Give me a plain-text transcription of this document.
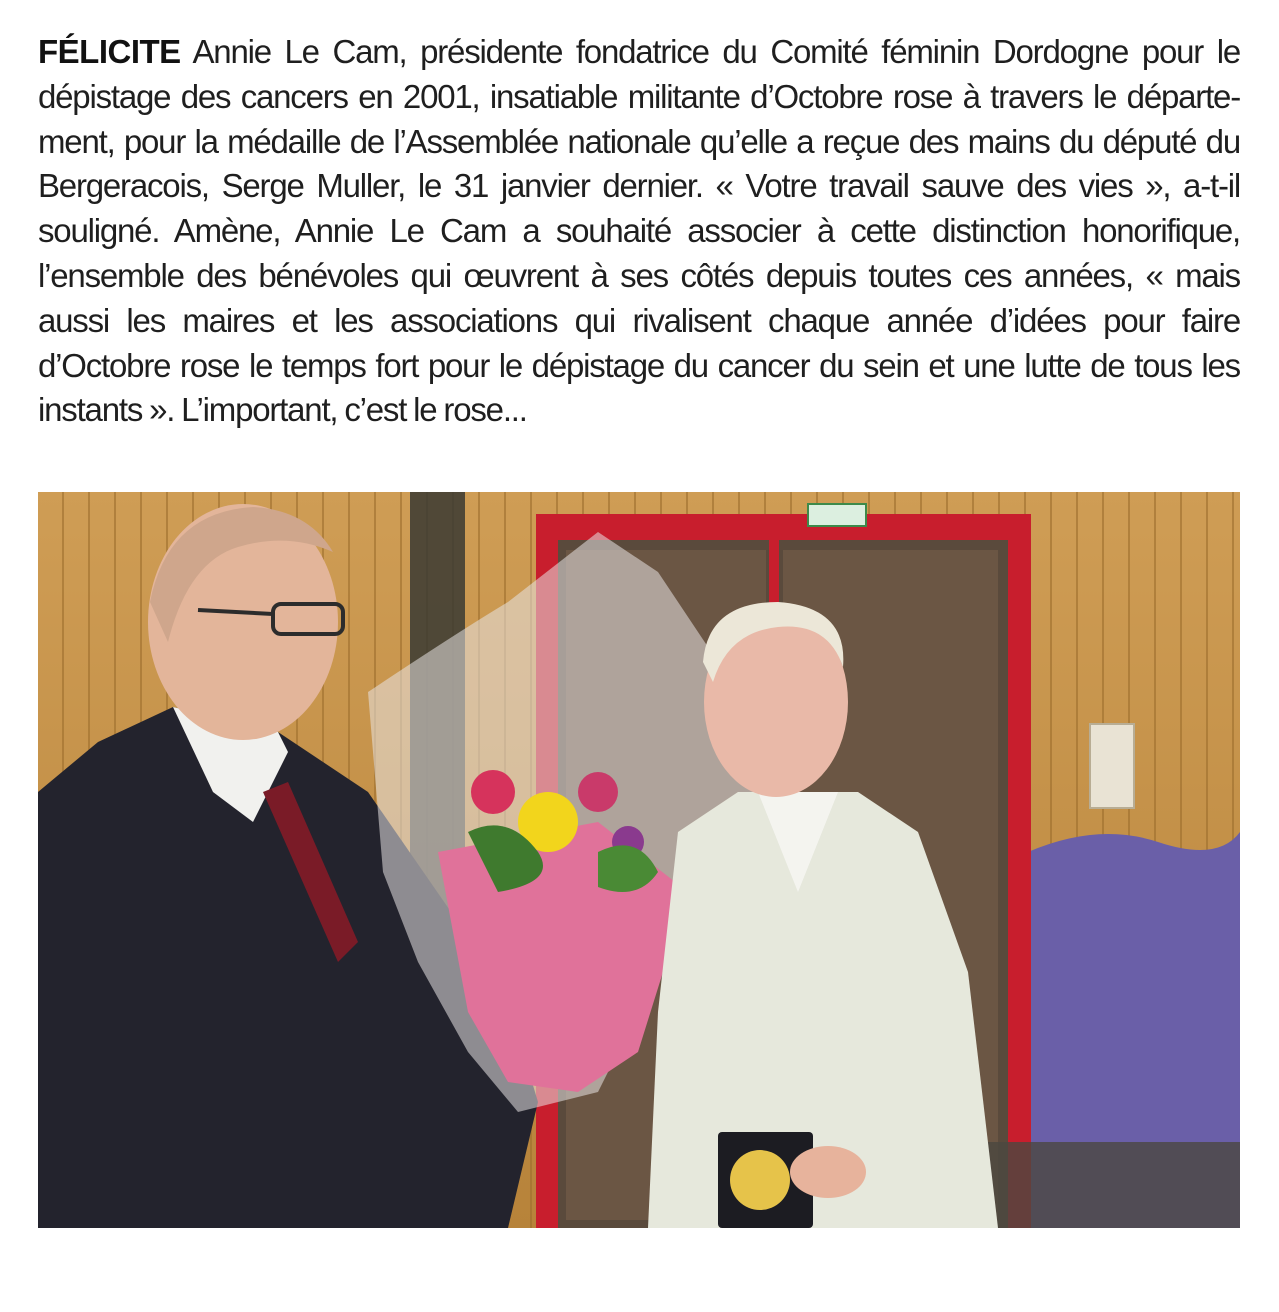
FÉLICITE Annie Le Cam, présidente fondatrice du Comité féminin Dordogne pour le dépistage des cancers en 2001, insatiable militante d’Octobre rose à travers le départe-ment, pour la médaille de l’Assemblée nationale qu’elle a reçue des mains du député du Bergeracois, Serge Muller, le 31 janvier dernier. « Votre travail sauve des vies », a-t-il souligné. Amène, Annie Le Cam a souhaité associer à cette distinction honorifique, l’ensemble des bénévoles qui œuvrent à ses côtés depuis toutes ces années, « mais aussi les maires et les associations qui rivalisent chaque année d’idées pour faire d’Octobre rose le temps fort pour le dépistage du cancer du sein et une lutte de tous les instants ». L’important, c’est le rose...
